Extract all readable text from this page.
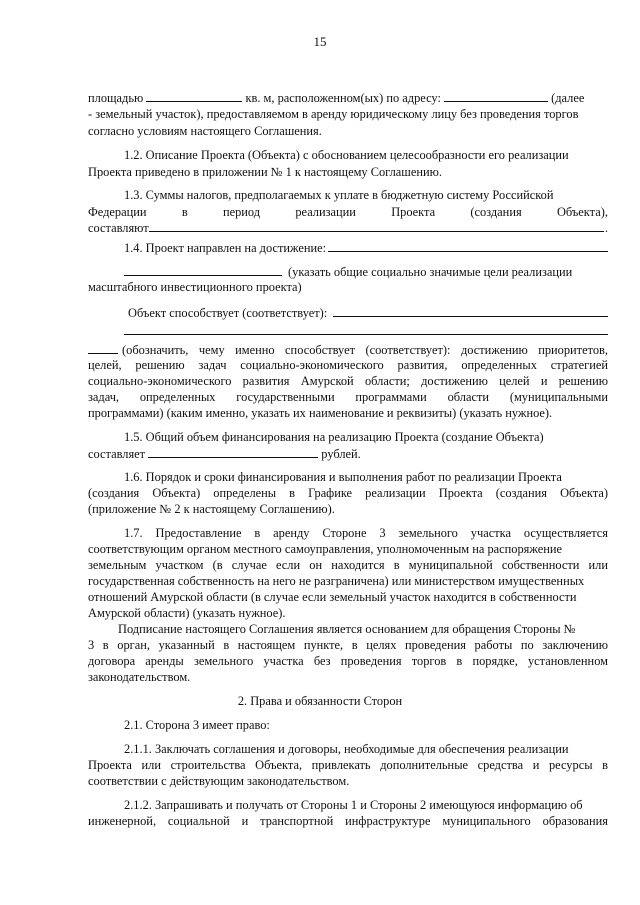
15
площадью	кв. м, расположенном(ых) по адресу:	(далее
- земельный участок), предоставляемом в аренду юридическому лицу без проведения торгов
согласно условиям настоящего Соглашения.
1.2. Описание Проекта (Объекта) с обоснованием целесообразности его реализации
Проекта приведено в приложении № 1 к настоящему Соглашению.
1.3. Суммы налогов, предполагаемых к уплате в бюджетную систему Российской
Федерации	в	период	реализации	Проекта	(создания	Объекта),
составляют	.
1.4. Проект направлен на достижение:
(указать общие социально значимые цели реализации
масштабного инвестиционного проекта)
Объект способствует (соответствует):
(обозначить, чему именно способствует (соответствует): достижению приоритетов,
целей, решению задач социально-экономического развития, определенных стратегией
социально-экономического развития Амурской области; достижению целей и решению
задач, определенных государственными программами области (муниципальными
программами) (каким именно, указать их наименование и реквизиты) (указать нужное).
1.5. Общий объем финансирования на реализацию Проекта (создание Объекта)
составляет	рублей.
1.6. Порядок и сроки финансирования и выполнения работ по реализации Проекта
(создания Объекта) определены в Графике реализации Проекта (создания Объекта)
(приложение № 2 к настоящему Соглашению).
1.7. Предоставление в аренду Стороне 3 земельного участка осуществляется
соответствующим органом местного самоуправления, уполномоченным на распоряжение
земельным участком (в случае если он находится в муниципальной собственности или
государственная собственность на него не разграничена) или министерством имущественных
отношений Амурской области (в случае если земельный участок находится в собственности
Амурской области) (указать нужное).
Подписание настоящего Соглашения является основанием для обращения Стороны №
3 в орган, указанный в настоящем пункте, в целях проведения работы по заключению
договора аренды земельного участка без проведения торгов в порядке, установленном
законодательством.
2. Права и обязанности Сторон
2.1. Сторона 3 имеет право:
2.1.1. Заключать соглашения и договоры, необходимые для обеспечения реализации
Проекта или строительства Объекта, привлекать дополнительные средства и ресурсы в
соответствии с действующим законодательством.
2.1.2. Запрашивать и получать от Стороны 1 и Стороны 2 имеющуюся информацию об
инженерной, социальной и транспортной инфраструктуре муниципального образования
